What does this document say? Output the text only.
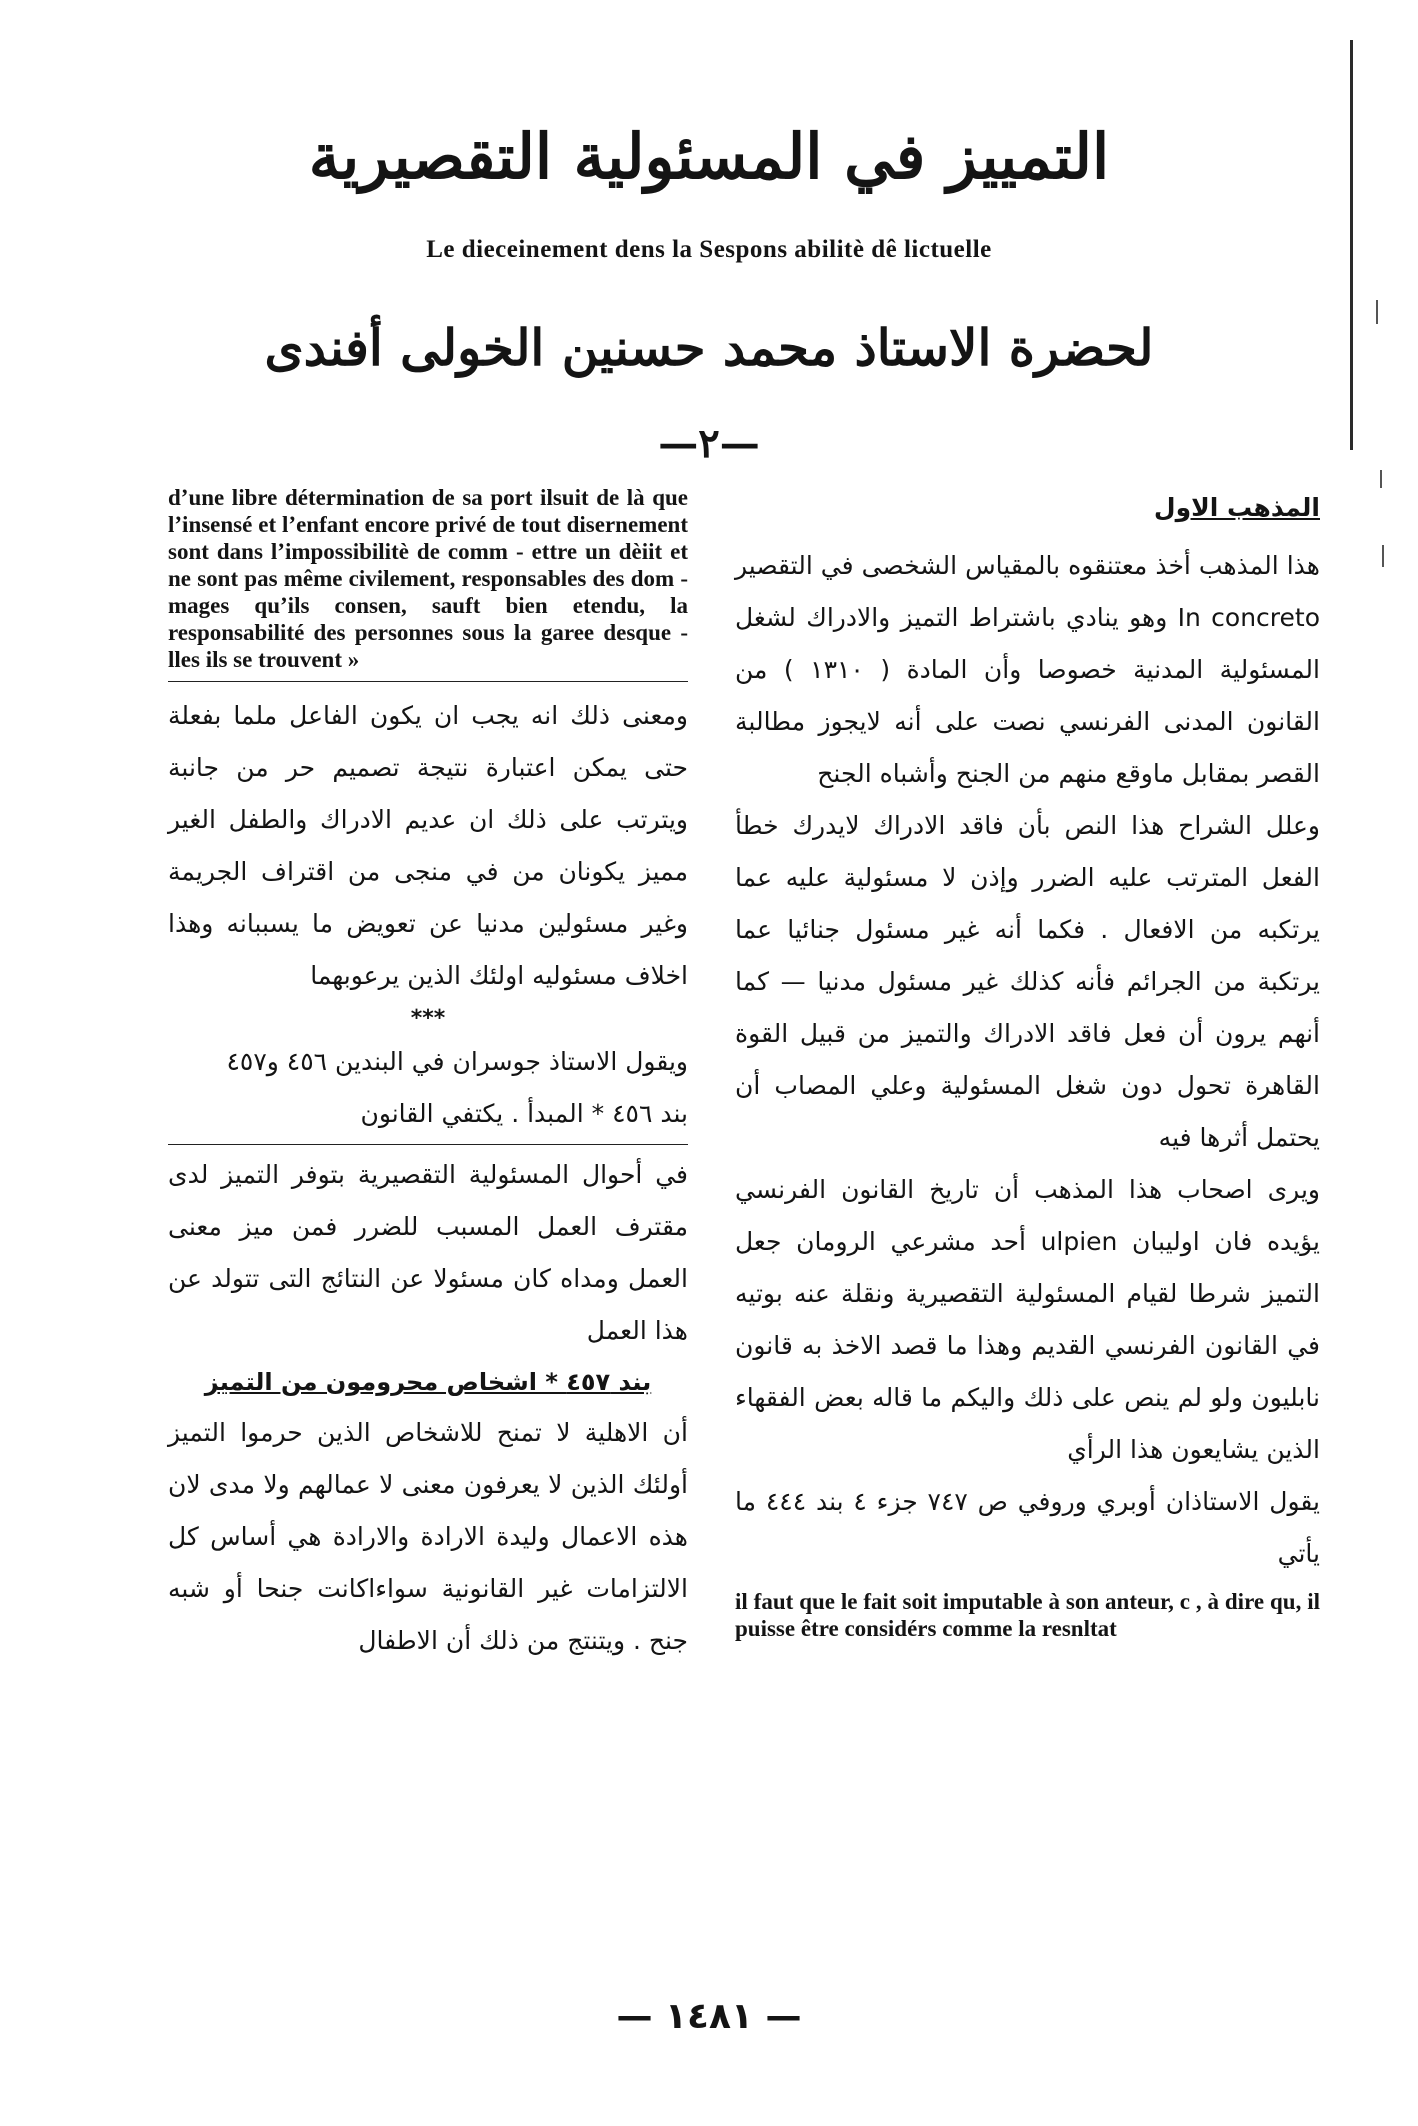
التمييز في المسئولية التقصيرية
Le dieceinement dens la Sespons abilitè dê lictuelle
لحضرة الاستاذ محمد حسنين الخولى أفندى
—٢—

المذهب الاول

هذا المذهب أخذ معتنقوه بالمقياس الشخصى في التقصير In concreto وهو ينادي باشتراط التميز والادراك لشغل المسئولية المدنية خصوصا وأن المادة ( ١٣١٠ ) من القانون المدنى الفرنسي نصت على أنه لايجوز مطالبة القصر بمقابل ماوقع منهم من الجنح وأشباه الجنح

وعلل الشراح هذا النص بأن فاقد الادراك لايدرك خطأ الفعل المترتب عليه الضرر وإذن لا مسئولية عليه عما يرتكبه من الافعال . فكما أنه غير مسئول جنائيا عما يرتكبة من الجرائم فأنه كذلك غير مسئول مدنيا — كما أنهم يرون أن فعل فاقد الادراك والتميز من قبيل القوة القاهرة تحول دون شغل المسئولية وعلي المصاب أن يحتمل أثرها فيه

ويرى اصحاب هذا المذهب أن تاريخ القانون الفرنسي يؤيده فان اوليبان ulpien أحد مشرعي الرومان جعل التميز شرطا لقيام المسئولية التقصيرية ونقلة عنه بوتيه في القانون الفرنسي القديم وهذا ما قصد الاخذ به قانون نابليون ولو لم ينص على ذلك واليكم ما قاله بعض الفقهاء الذين يشايعون هذا الرأي

يقول الاستاذان أوبري وروفي ص ٧٤٧ جزء ٤ بند ٤٤٤ ما يأتي

il faut que le fait soit imputable à son anteur, c , à dire qu, il puisse être considérs comme la resnltat

d’une libre détermination de sa port ilsuit de là que l’insensé et l’enfant encore privé de tout disernement sont dans l’impossibilitè de comm - ettre un dèiit et ne sont pas même civilement, responsables des dom - mages qu’ils consen, sauft bien etendu, la responsabilité des personnes sous la garee desque - lles ils se trouvent »

ومعنى ذلك انه يجب ان يكون الفاعل ملما بفعلة حتى يمكن اعتبارة نتيجة تصميم حر من جانبة ويترتب على ذلك ان عديم الادراك والطفل الغير مميز يكونان من في منجى من اقتراف الجريمة وغير مسئولين مدنيا عن تعويض ما يسببانه وهذا اخلاف مسئوليه اولئك الذين يرعوبهما

***

ويقول الاستاذ جوسران في البندين ٤٥٦ و٤٥٧

بند ٤٥٦ * المبدأ . يكتفي القانون

في أحوال المسئولية التقصيرية بتوفر التميز لدى مقترف العمل المسبب للضرر فمن ميز معنى العمل ومداه كان مسئولا عن النتائج التى تتولد عن هذا العمل

بند ٤٥٧ * اشخاص محرومون من التميز

أن الاهلية لا تمنح للاشخاص الذين حرموا التميز أولئك الذين لا يعرفون معنى لا عمالهم ولا مدى لان هذه الاعمال وليدة الارادة والارادة هي أساس كل الالتزامات غير القانونية سواءاكانت جنحا أو شبه جنح . ويتنتج من ذلك أن الاطفال

— ١٤٨١ —
